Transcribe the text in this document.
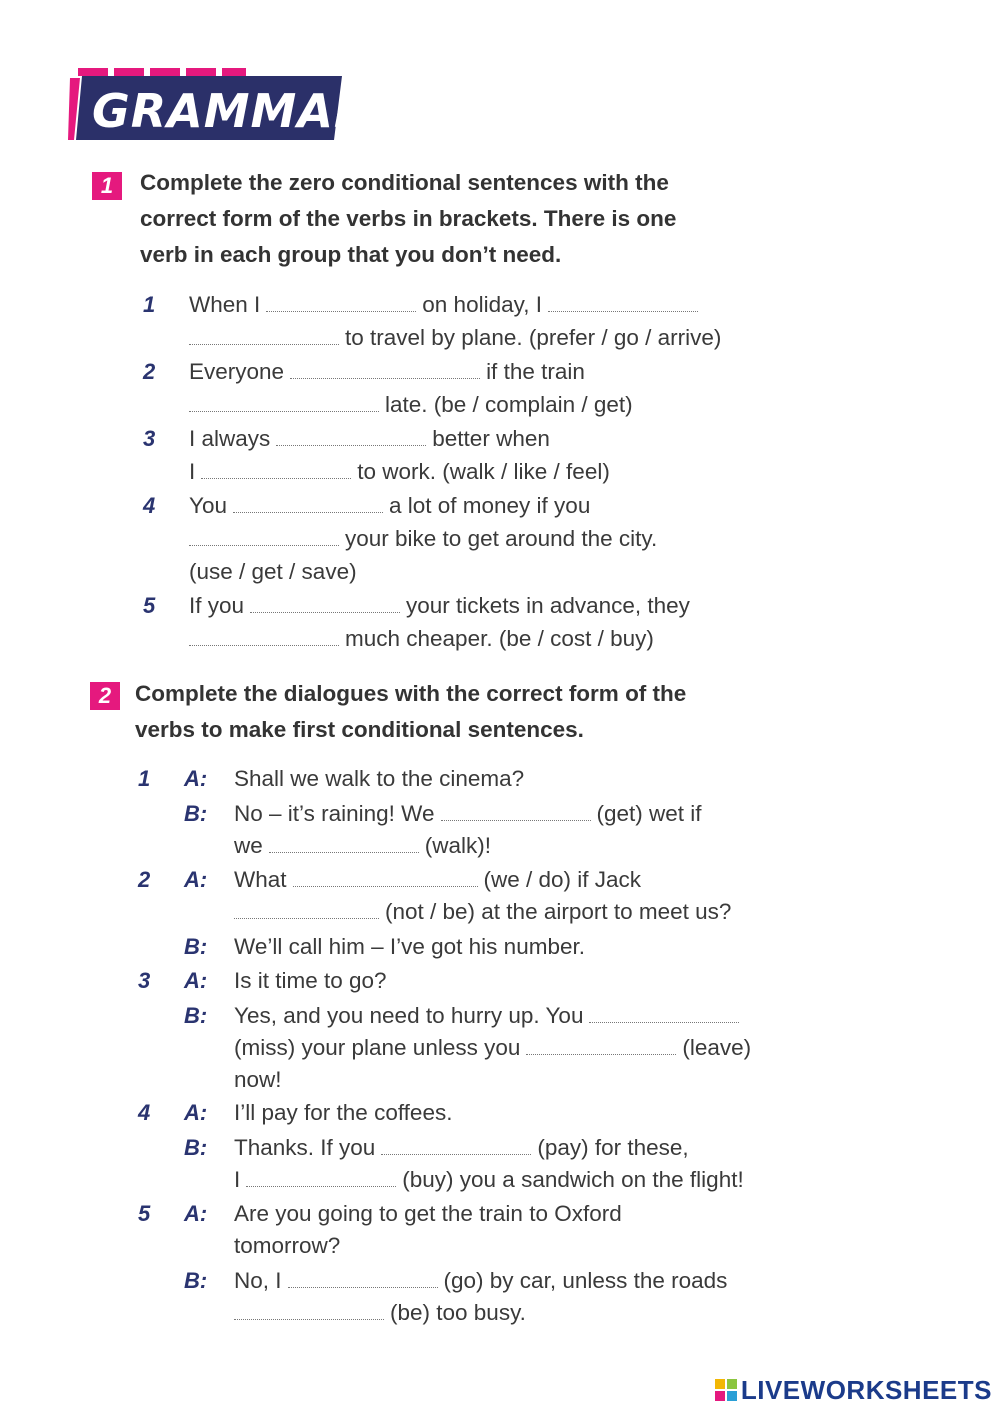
GRAMMAR
1	Complete the zero conditional sentences with the
correct form of the verbs in brackets. There is one
verb in each group that you don’t need.
1 When I	on holiday, I
to travel by plane. (prefer / go / arrive)
2 Everyone	if the train
late. (be / complain / get)
3 I always	better when
I	to work. (walk / like / feel)
4 You	a lot of money if you
your bike to get around the city.
(use / get / save)
5 If you	your tickets in advance, they
much cheaper. (be / cost / buy)
2	Complete the dialogues with the correct form of the
verbs to make first conditional sentences.
1 A: Shall we walk to the cinema?
B: No – it’s raining! We	(get) wet if
we	(walk)!
2 A: What	(we / do) if Jack
(not / be) at the airport to meet us?
B: We’ll call him – I’ve got his number.
3 A: Is it time to go?
B: Yes, and you need to hurry up. You
(miss) your plane unless you	(leave)
now!
4 A: I’ll pay for the coffees.
B: Thanks. If you	(pay) for these,
I	(buy) you a sandwich on the flight!
5 A: Are you going to get the train to Oxford
tomorrow?
B: No, I	(go) by car, unless the roads
(be) too busy.
LIVEWORKSHEETS
